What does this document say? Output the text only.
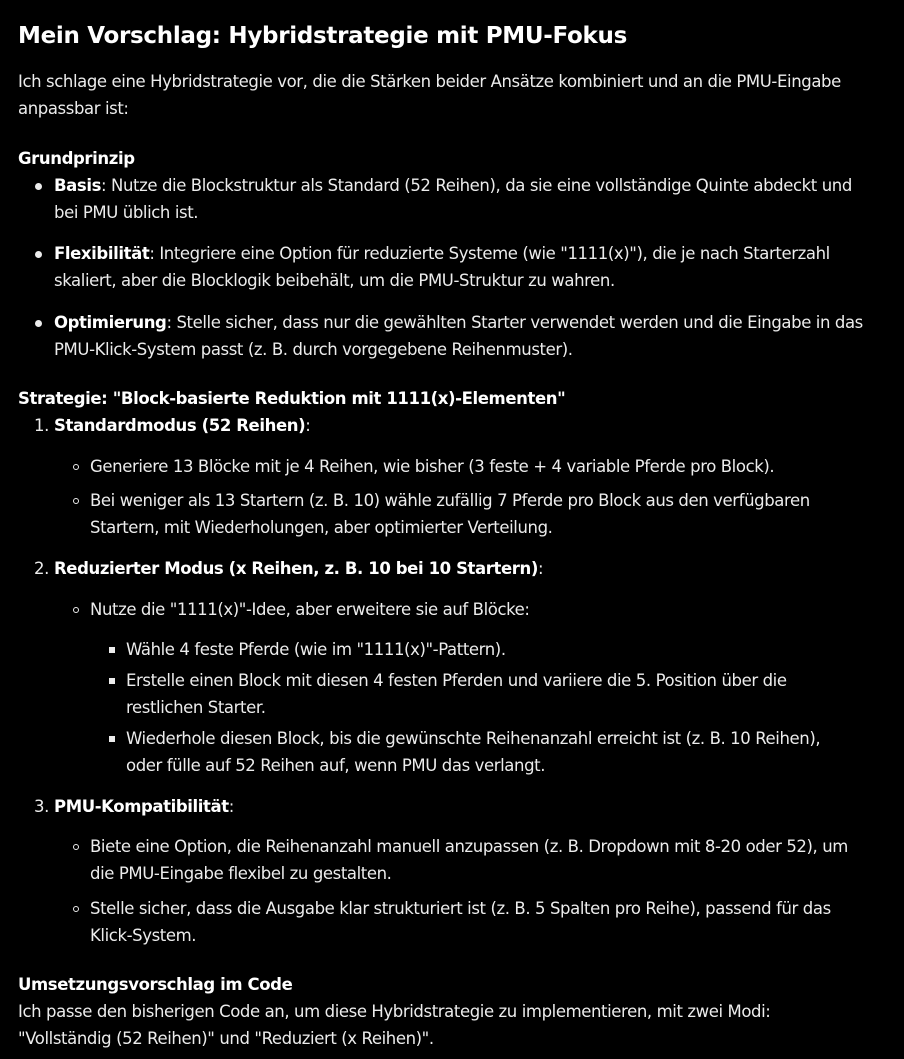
Mein Vorschlag: Hybridstrategie mit PMU-Fokus
Ich schlage eine Hybridstrategie vor, die die Stärken beider Ansätze kombiniert und an die PMU-Eingabe
anpassbar ist:
Grundprinzip
Basis: Nutze die Blockstruktur als Standard (52 Reihen), da sie eine vollständige Quinte abdeckt und
bei PMU üblich ist.
Flexibilität: Integriere eine Option für reduzierte Systeme (wie "1111(x)"), die je nach Starterzahl
skaliert, aber die Blocklogik beibehält, um die PMU-Struktur zu wahren.
Optimierung: Stelle sicher, dass nur die gewählten Starter verwendet werden und die Eingabe in das
PMU-Klick-System passt (z. B. durch vorgegebene Reihenmuster).
Strategie: "Block-basierte Reduktion mit 1111(x)-Elementen"
1. Standardmodus (52 Reihen):
Generiere 13 Blöcke mit je 4 Reihen, wie bisher (3 feste + 4 variable Pferde pro Block).
Bei weniger als 13 Startern (z. B. 10) wähle zufällig 7 Pferde pro Block aus den verfügbaren
Startern, mit Wiederholungen, aber optimierter Verteilung.
2. Reduzierter Modus (x Reihen, z. B. 10 bei 10 Startern):
Nutze die "1111(x)"-Idee, aber erweitere sie auf Blöcke:
Wähle 4 feste Pferde (wie im "1111(x)"-Pattern).
Erstelle einen Block mit diesen 4 festen Pferden und variiere die 5. Position über die
restlichen Starter.
Wiederhole diesen Block, bis die gewünschte Reihenanzahl erreicht ist (z. B. 10 Reihen),
oder fülle auf 52 Reihen auf, wenn PMU das verlangt.
3. PMU-Kompatibilität:
Biete eine Option, die Reihenanzahl manuell anzupassen (z. B. Dropdown mit 8-20 oder 52), um
die PMU-Eingabe flexibel zu gestalten.
Stelle sicher, dass die Ausgabe klar strukturiert ist (z. B. 5 Spalten pro Reihe), passend für das
Klick-System.
Umsetzungsvorschlag im Code
Ich passe den bisherigen Code an, um diese Hybridstrategie zu implementieren, mit zwei Modi:
"Vollständig (52 Reihen)" und "Reduziert (x Reihen)".
